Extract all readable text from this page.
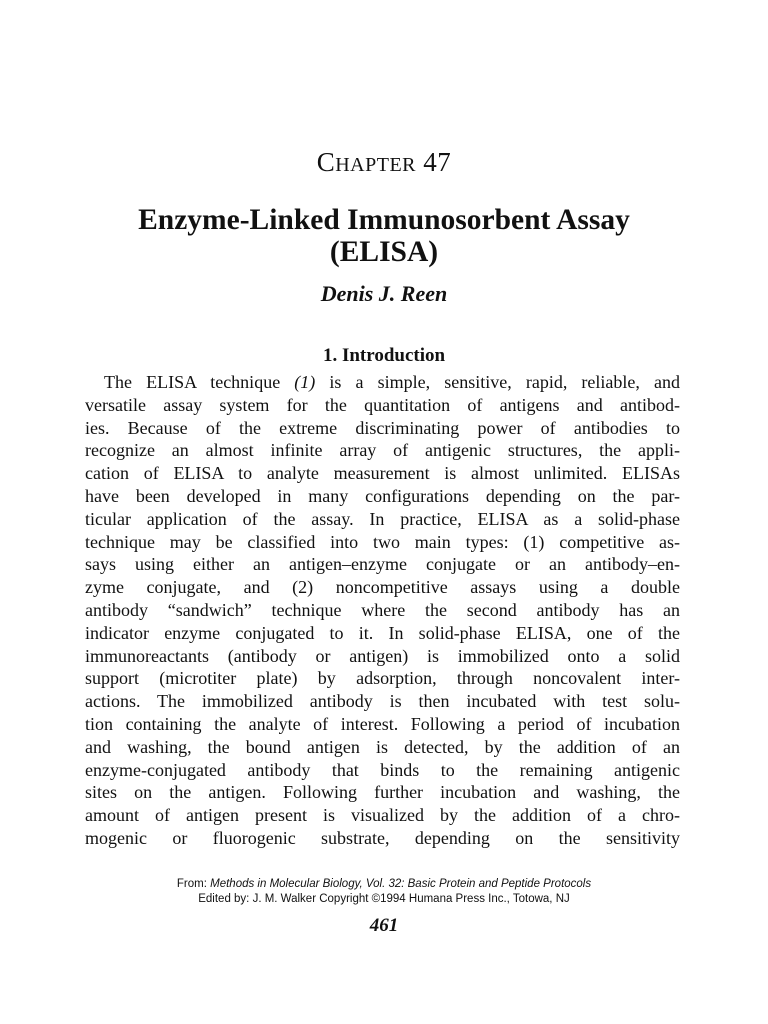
CHAPTER 47
Enzyme-Linked Immunosorbent Assay
(ELISA)
Denis J. Reen
1. Introduction
The ELISA technique (1) is a simple, sensitive, rapid, reliable, and
versatile assay system for the quantitation of antigens and antibod-
ies. Because of the extreme discriminating power of antibodies to
recognize an almost infinite array of antigenic structures, the appli-
cation of ELISA to analyte measurement is almost unlimited. ELISAs
have been developed in many configurations depending on the par-
ticular application of the assay. In practice, ELISA as a solid-phase
technique may be classified into two main types: (1) competitive as-
says using either an antigen–enzyme conjugate or an antibody–en-
zyme conjugate, and (2) noncompetitive assays using a double
antibody “sandwich” technique where the second antibody has an
indicator enzyme conjugated to it. In solid-phase ELISA, one of the
immunoreactants (antibody or antigen) is immobilized onto a solid
support (microtiter plate) by adsorption, through noncovalent inter-
actions. The immobilized antibody is then incubated with test solu-
tion containing the analyte of interest. Following a period of incubation
and washing, the bound antigen is detected, by the addition of an
enzyme-conjugated antibody that binds to the remaining antigenic
sites on the antigen. Following further incubation and washing, the
amount of antigen present is visualized by the addition of a chro-
mogenic or fluorogenic substrate, depending on the sensitivity
From: Methods in Molecular Biology, Vol. 32: Basic Protein and Peptide Protocols
Edited by: J. M. Walker Copyright ©1994 Humana Press Inc., Totowa, NJ
461
